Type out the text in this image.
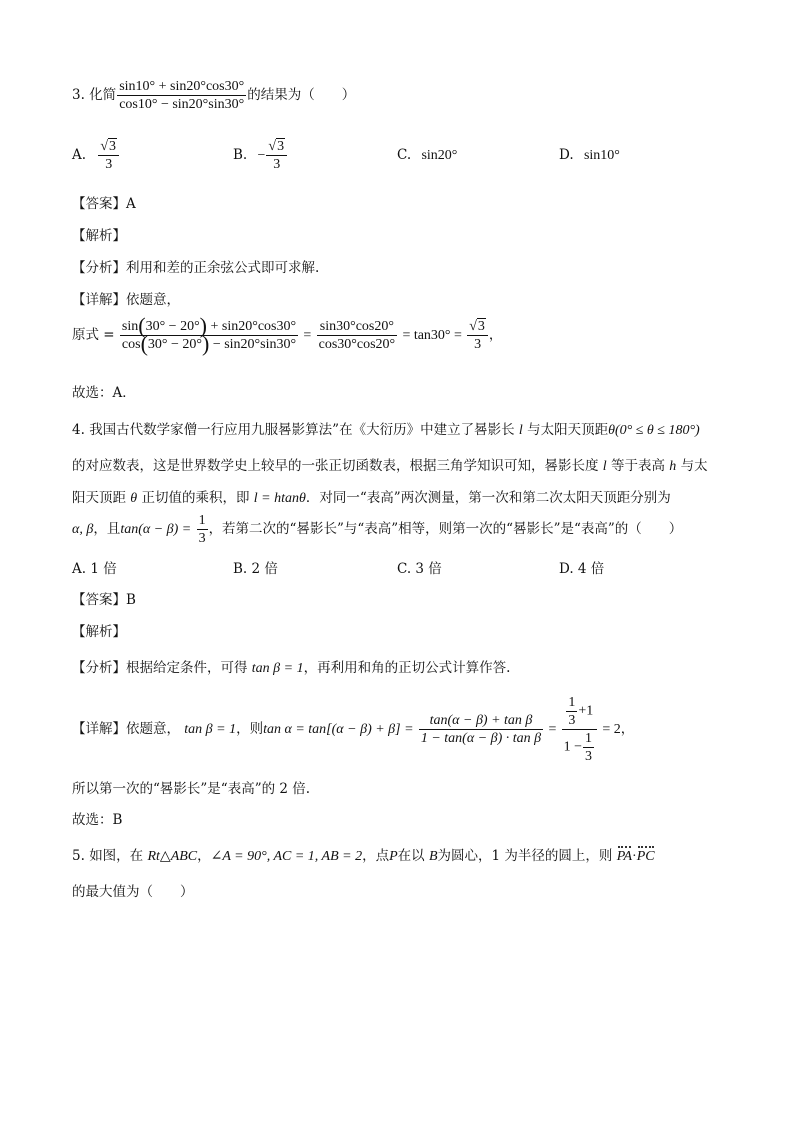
3. 化简 $\frac{\sin 10^\circ + \sin 20^\circ\cos 30^\circ}{\cos 10^\circ - \sin 20^\circ\sin 30^\circ}$ 的结果为（　　）
A. $\frac{√3}{3}$	B. − $\frac{√3}{3}$	C. sin20°	D. sin10°
【答案】A
【解析】
【分析】利用和差的正余弦公式即可求解.
【详解】依题意，
原式 = $\frac{\sin(30^\circ - 20^\circ) + \sin 20^\circ\cos 30^\circ}{\cos(30^\circ - 20^\circ) - \sin 20^\circ\sin 30^\circ} = \frac{\sin 30^\circ\cos 20^\circ}{\cos 30^\circ\cos 20^\circ} = \tan 30^\circ = \frac{√3}{3}$ ，
故选：A．
4. 我国古代数学家僧一行应用九服晷影算法”在《大衍历》中建立了晷影长 l 与太阳天顶距θ(0° ≤ θ ≤ 180°)
的对应数表，这是世界数学史上较早的一张正切函数表，根据三角学知识可知，晷影长度 l 等于表高 h 与太
阳天顶距 θ 正切值的乘积，即 l = htanθ．对同一“表高”两次测量，第一次和第二次太阳天顶距分别为
α, β，且$\tan(\alpha - \beta) = \frac{1}{3}$ ，若第二次的“晷影长”与“表高”相等，则第一次的“晷影长”是“表高”的（　　）
A. 1 倍	B. 2 倍	C. 3 倍	D. 4 倍
【答案】B
【解析】
【分析】根据给定条件，可得 tan β = 1，再利用和角的正切公式计算作答.
【详解】依题意， tan β = 1，则$\tan \alpha = \tan[(\alpha - \beta) + \beta] = \frac{\text{tan(α − β) + tan β}}{\text{1 − tan(α − β) · tan β}} = \frac{\frac{1}{3} +1}{1 - \frac{1}{3}} = 2$，
所以第一次的“晷影长”是“表高”的 2 倍.
故选：B
5. 如图，在 Rt△ABC，∠A = 90°, AC = 1, AB = 2，点P在以 B为圆心，1 为半径的圆上，则 PA·PC
的最大值为（　　）
